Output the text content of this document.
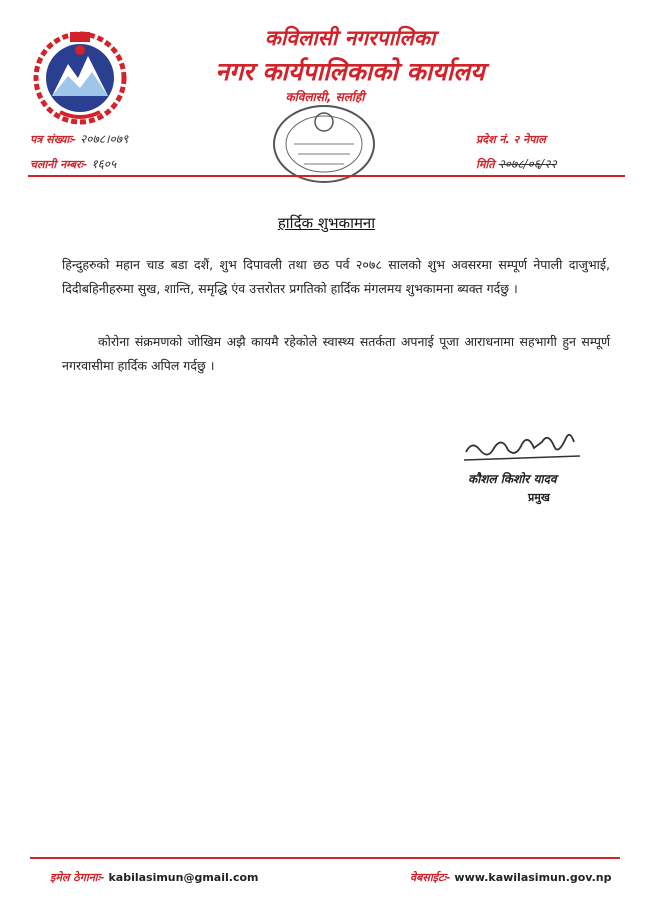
कविलासी नगरपालिका
नगर कार्यपालिकाको कार्यालय
कविलासी, सर्लाही
पत्र संख्याः- २०७८।०७९
चलानी नम्बरः- १६०५
प्रदेश नं. २ नेपाल
मिति २०७८/०६/२२
हार्दिक शुभकामना
हिन्दुहरुको महान चाड बडा दशैं, शुभ दिपावली तथा छठ पर्व २०७८ सालको शुभ अवसरमा सम्पूर्ण नेपाली दाजुभाई, दिदीबहिनीहरुमा सुख, शान्ति, समृद्धि एंव उत्तरोतर प्रगतिको हार्दिक मंगलमय शुभकामना ब्यक्त गर्दछु ।
कोरोना संक्रमणको जोखिम अझै कायमै रहेकोले स्वास्थ्य सतर्कता अपनाई पूजा आराधनामा सहभागी हुन सम्पूर्ण नगरवासीमा हार्दिक अपिल गर्दछु ।
कौशल किशोर यादव
प्रमुख
इमेल ठेगानाः- kabilasimun@gmail.com	वेबसाईटः- www.kawilasimun.gov.np
